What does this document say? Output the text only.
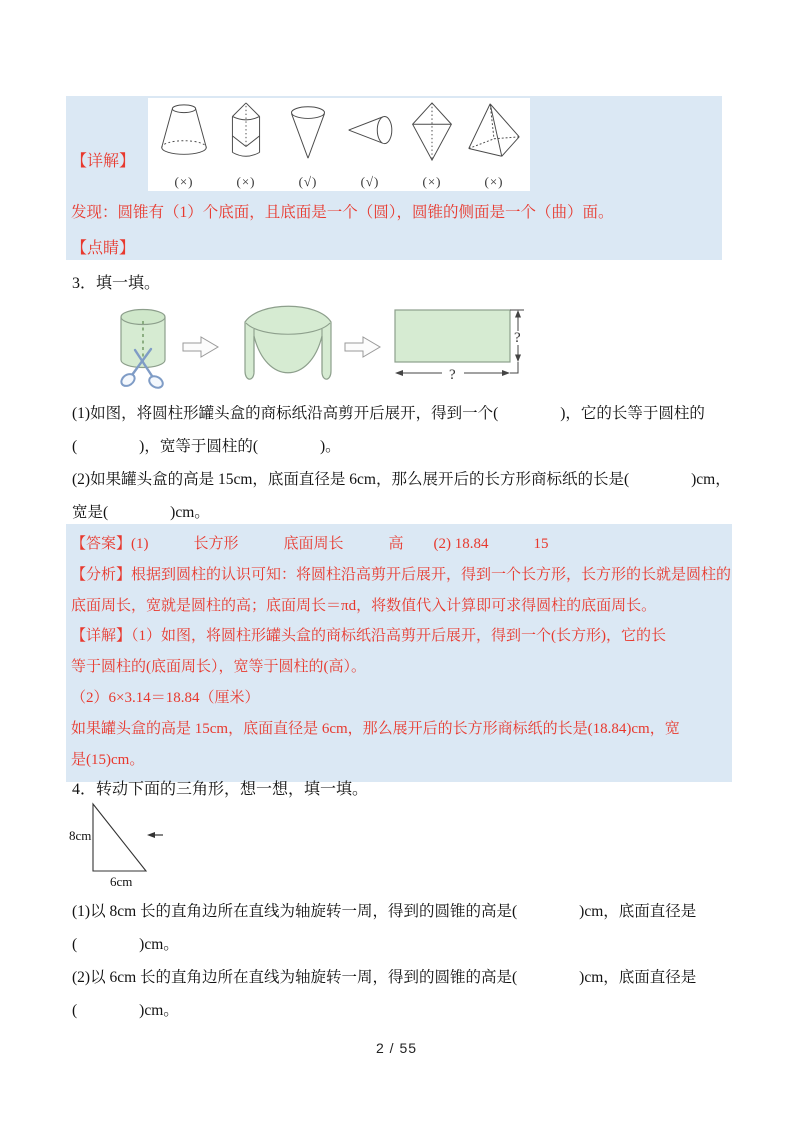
【详解】
(×)	(×)	(√)	(√)	(×)	(×)
发现：圆锥有（1）个底面，且底面是一个（圆），圆锥的侧面是一个（曲）面。
【点睛】
3．填一填。
?
?
(1)如图，将圆柱形罐头盒的商标纸沿高剪开后展开，得到一个(　　　　)，它的长等于圆柱的
(　　　　)，宽等于圆柱的(　　　　)。
(2)如果罐头盒的高是 15cm，底面直径是 6cm，那么展开后的长方形商标纸的长是(　　　　)cm，
宽是(　　　　)cm。
【答案】(1)　　　长方形　　　底面周长　　　高　　(2) 18.84　　　15
【分析】根据到圆柱的认识可知：将圆柱沿高剪开后展开，得到一个长方形，长方形的长就是圆柱的
底面周长，宽就是圆柱的高；底面周长＝πd，将数值代入计算即可求得圆柱的底面周长。
【详解】（1）如图，将圆柱形罐头盒的商标纸沿高剪开后展开，得到一个(长方形)，它的长
等于圆柱的(底面周长），宽等于圆柱的(高）。
（2）6×3.14＝18.84（厘米）
如果罐头盒的高是 15cm，底面直径是 6cm，那么展开后的长方形商标纸的长是(18.84)cm，宽
是(15)cm。
4．转动下面的三角形，想一想，填一填。
8cm
6cm
(1)以 8cm 长的直角边所在直线为轴旋转一周，得到的圆锥的高是(　　　　)cm，底面直径是
(　　　　)cm。
(2)以 6cm 长的直角边所在直线为轴旋转一周，得到的圆锥的高是(　　　　)cm，底面直径是
(　　　　)cm。
2 / 55
